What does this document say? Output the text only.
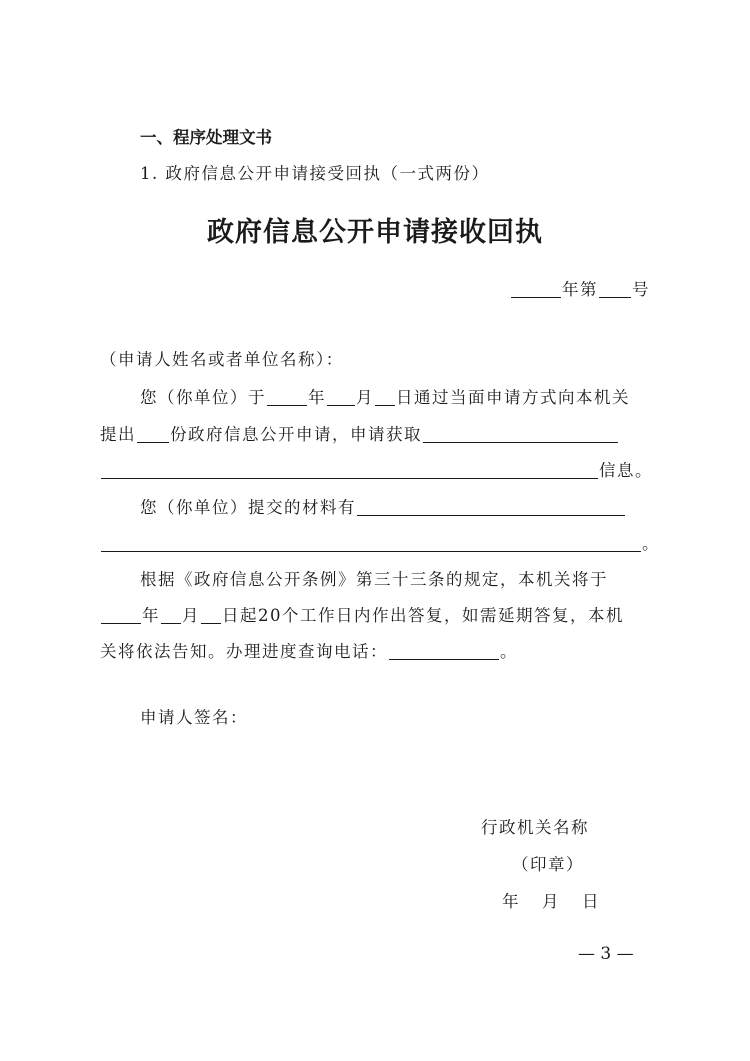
一、程序处理文书
1. 政府信息公开申请接受回执（一式两份）
政府信息公开申请接收回执
年第 号
（申请人姓名或者单位名称）：
您（你单位）于	年 月 日通过当面申请方式向本机关
提出 份政府信息公开申请，申请获取
信息。
您（你单位）提交的材料有
。
根据《政府信息公开条例》第三十三条的规定，本机关将于
年 月 日起20个工作日内作出答复，如需延期答复，本机
关将依法告知。办理进度查询电话：	。
申请人签名：
行政机关名称
（印章）
年 月 日
— 3 —
